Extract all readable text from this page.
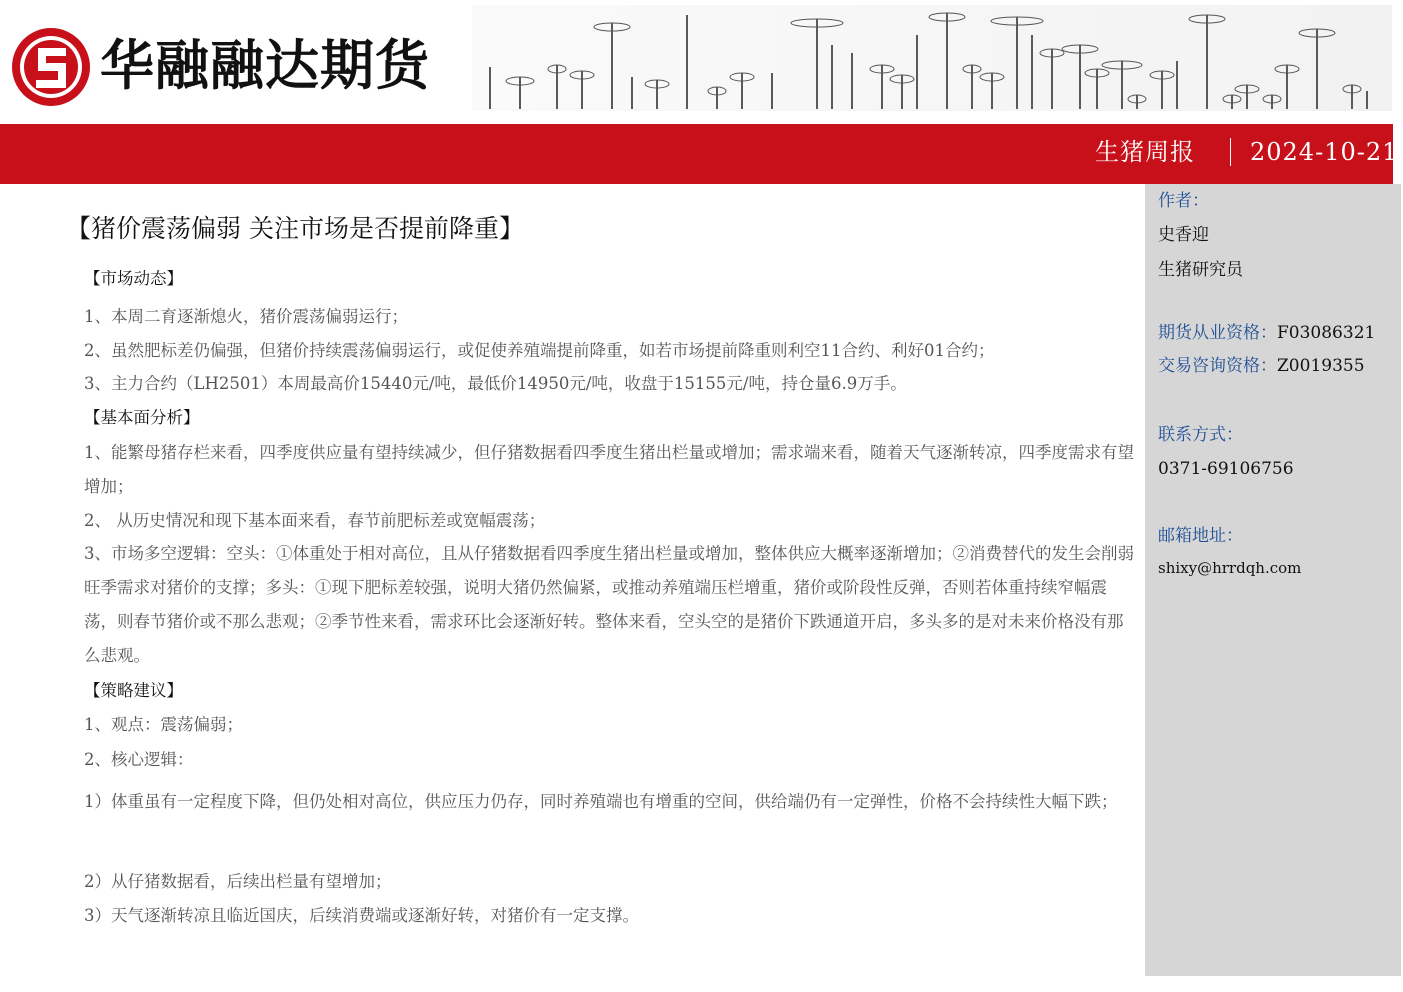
华融融达期货
生猪周报 2024-10-21
【猪价震荡偏弱 关注市场是否提前降重】
【市场动态】

1、本周二育逐渐熄火，猪价震荡偏弱运行；

2、虽然肥标差仍偏强，但猪价持续震荡偏弱运行，或促使养殖端提前降重，如若市场提前降重则利空11合约、利好01合约；

3、主力合约（LH2501）本周最高价15440元/吨，最低价14950元/吨，收盘于15155元/吨，持仓量6.9万手。

【基本面分析】

1、能繁母猪存栏来看，四季度供应量有望持续减少，但仔猪数据看四季度生猪出栏量或增加；需求端来看，随着天气逐渐转凉，四季度需求有望增加；

2、 从历史情况和现下基本面来看，春节前肥标差或宽幅震荡；

3、市场多空逻辑：空头：①体重处于相对高位，且从仔猪数据看四季度生猪出栏量或增加，整体供应大概率逐渐增加；②消费替代的发生会削弱旺季需求对猪价的支撑；多头：①现下肥标差较强，说明大猪仍然偏紧，或推动养殖端压栏增重，猪价或阶段性反弹，否则若体重持续窄幅震荡，则春节猪价或不那么悲观；②季节性来看，需求环比会逐渐好转。整体来看，空头空的是猪价下跌通道开启，多头多的是对未来价格没有那么悲观。

【策略建议】

1、观点：震荡偏弱；

2、核心逻辑：

1）体重虽有一定程度下降，但仍处相对高位，供应压力仍存，同时养殖端也有增重的空间，供给端仍有一定弹性，价格不会持续性大幅下跌；

2）从仔猪数据看，后续出栏量有望增加；

3）天气逐渐转凉且临近国庆，后续消费端或逐渐好转，对猪价有一定支撑。

作者：
史香迎
生猪研究员
期货从业资格：F03086321
交易咨询资格：Z0019355
联系方式：
0371-69106756
邮箱地址：
shixy@hrrdqh.com
